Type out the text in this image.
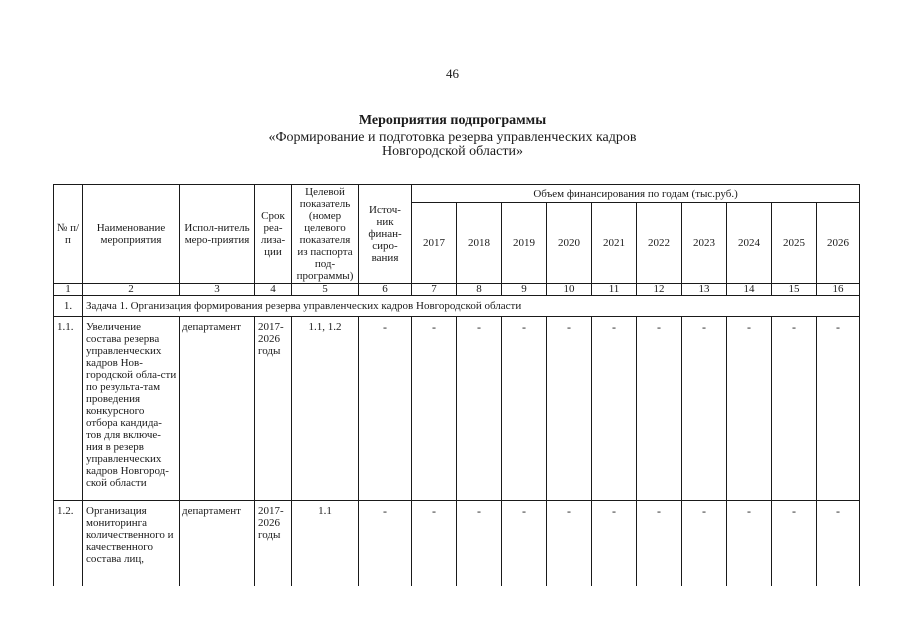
46
Мероприятия подпрограммы
«Формирование и подготовка резерва управленческих кадров
Новгородской области»
№ п/п	Наименование мероприятия	Испол-нитель меро-приятия	Срок реа-лиза-ции	Целевой показатель (номер целевого показателя из паспорта под-программы)	Источ-ник финан-сиро-вания	Объем финансирования по годам (тыс.руб.)									
						2017	2018	2019	2020	2021	2022	2023	2024	2025	2026
1	2	3	4	5	6	7	8	9	10	11	12	13	14	15	16
1.	Задача 1. Организация формирования резерва управленческих кадров Новгородской области														
1.1.	Увеличение состава резерва управленческих кадров Нов-городской обла-сти по результа-там проведения конкурсного отбора кандида-тов для включе-ния в резерв управленческих кадров Новгород-ской области	департамент	2017-2026 годы	1.1, 1.2	-	-	-	-	-	-	-	-	-	-	-
1.2.	Организация мониторинга количественного и качественного состава лиц,	департамент	2017-2026 годы	1.1	-	-	-	-	-	-	-	-	-	-	-
